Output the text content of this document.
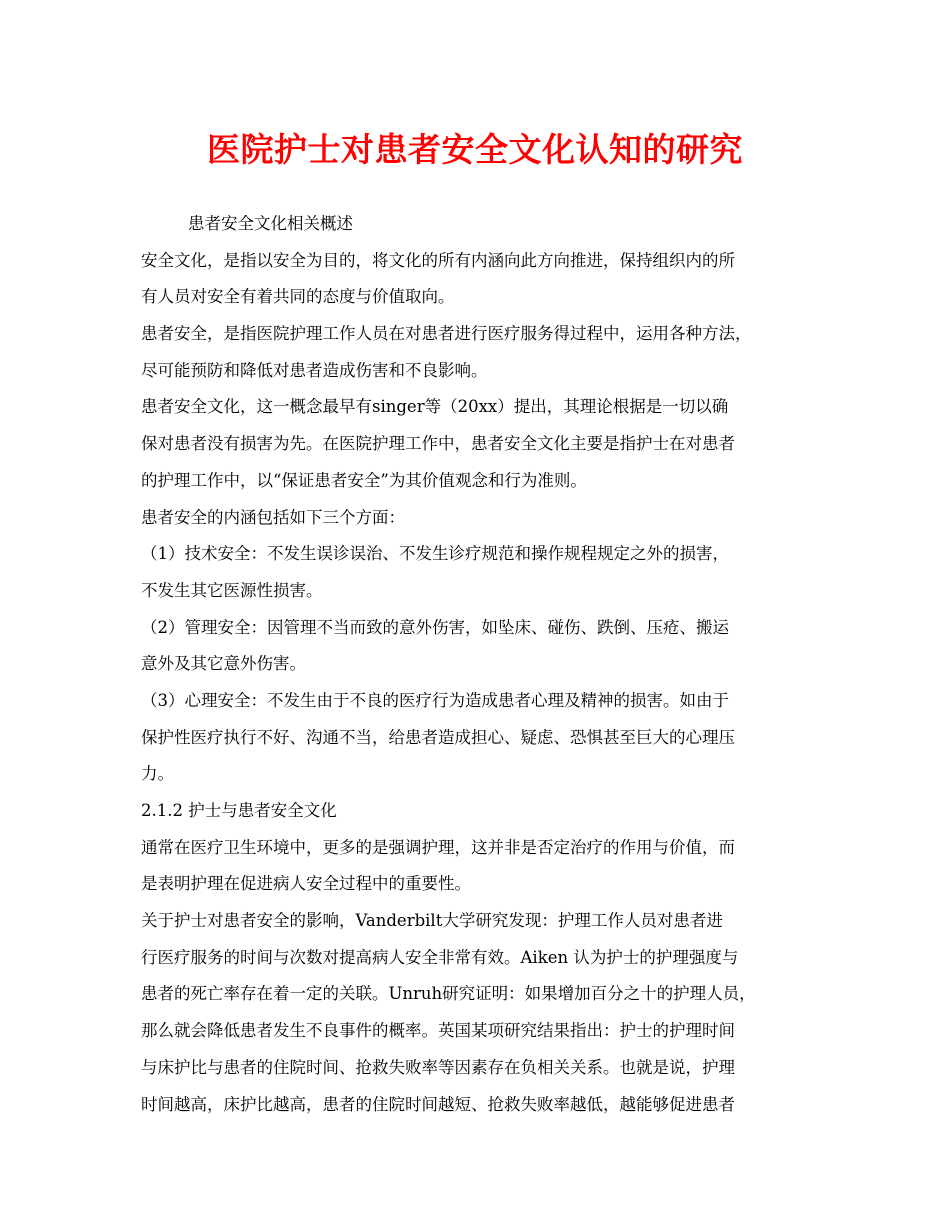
医院护士对患者安全文化认知的研究
患者安全文化相关概述
安全文化，是指以安全为目的，将文化的所有内涵向此方向推进，保持组织内的所
有人员对安全有着共同的态度与价值取向。
患者安全，是指医院护理工作人员在对患者进行医疗服务得过程中，运用各种方法，
尽可能预防和降低对患者造成伤害和不良影响。
患者安全文化，这一概念最早有singer等（20xx）提出，其理论根据是一切以确
保对患者没有损害为先。在医院护理工作中，患者安全文化主要是指护士在对患者
的护理工作中，以“保证患者安全”为其价值观念和行为准则。
患者安全的内涵包括如下三个方面：
（1）技术安全：不发生误诊误治、不发生诊疗规范和操作规程规定之外的损害，
不发生其它医源性损害。
（2）管理安全：因管理不当而致的意外伤害，如坠床、碰伤、跌倒、压疮、搬运
意外及其它意外伤害。
（3）心理安全：不发生由于不良的医疗行为造成患者心理及精神的损害。如由于
保护性医疗执行不好、沟通不当，给患者造成担心、疑虑、恐惧甚至巨大的心理压
力。
2.1.2 护士与患者安全文化
通常在医疗卫生环境中，更多的是强调护理，这并非是否定治疗的作用与价值，而
是表明护理在促进病人安全过程中的重要性。
关于护士对患者安全的影响，Vanderbilt大学研究发现：护理工作人员对患者进
行医疗服务的时间与次数对提高病人安全非常有效。Aiken 认为护士的护理强度与
患者的死亡率存在着一定的关联。Unruh研究证明：如果增加百分之十的护理人员，
那么就会降低患者发生不良事件的概率。英国某项研究结果指出：护士的护理时间
与床护比与患者的住院时间、抢救失败率等因素存在负相关关系。也就是说，护理
时间越高，床护比越高，患者的住院时间越短、抢救失败率越低，越能够促进患者
